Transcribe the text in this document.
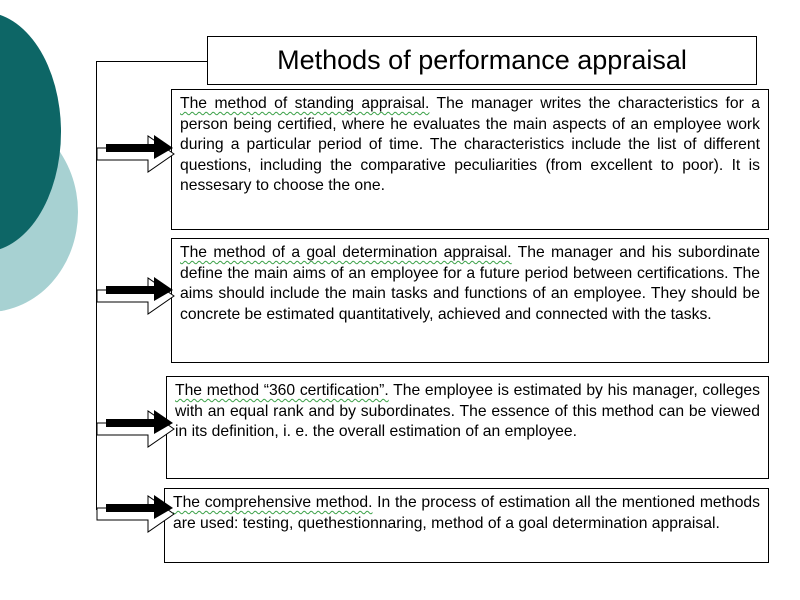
Methods of performance appraisal
The method of standing appraisal. The manager writes the characteristics for a person being certified, where he evaluates the main aspects of an employee work during a particular period of time. The characteristics include the list of different questions, including the comparative peculiarities (from excellent to poor). It is nessesary to choose the one.
The method of a goal determination appraisal. The manager and his subordinate define the main aims of an employee for a future period between certifications. The aims should include the main tasks and functions of an employee. They should be concrete be estimated quantitatively, achieved and connected with the tasks.
The method “360 certification”. The employee is estimated by his manager, colleges with an equal rank and by subordinates. The essence of this method can be viewed in its definition, i. e. the overall estimation of an employee.
The comprehensive method. In the process of estimation all the mentioned methods are used: testing, quethestionnaring, method of a goal determination appraisal.
